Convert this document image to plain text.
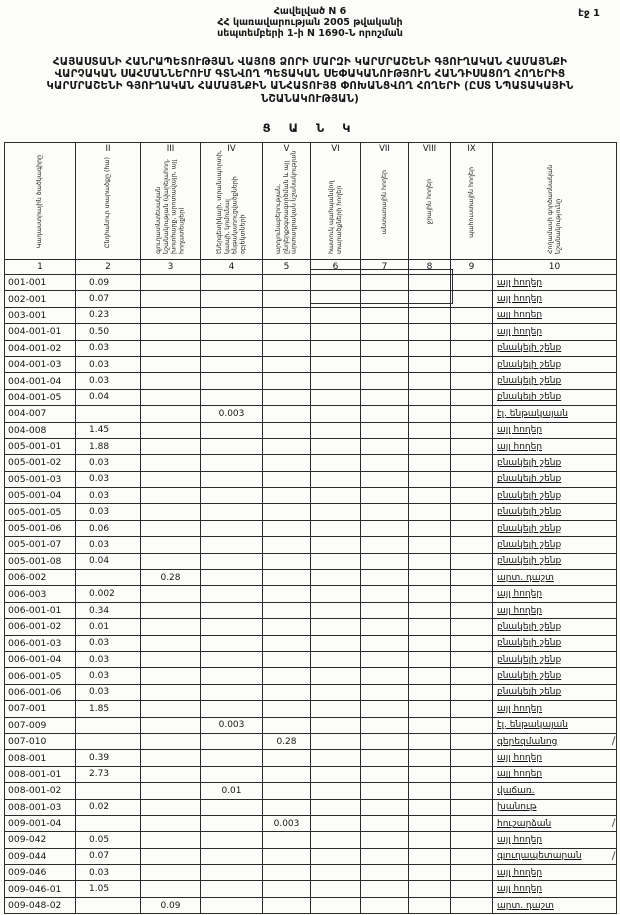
Հավելված N 6
ՀՀ կառավարության 2005 թվականի
սեպտեմբերի 1-ի N 1690-Ն որոշման
էջ 1
ՀԱՅԱՍՏԱՆԻ ՀԱՆՐԱՊԵՏՈՒԹՅԱՆ ՎԱՅՈՑ ՁՈՐԻ ՄԱՐԶԻ ԿԱՐՄՐԱՇԵՆԻ ԳՅՈՒՂԱԿԱՆ ՀԱՄԱՅՆՔԻ
ՎԱՐՉԱԿԱՆ ՍԱՀՄԱՆՆԵՐՈՒՄ ԳՏՆՎՈՂ ՊԵՏԱԿԱՆ ՍԵՓԱԿԱՆՈՒԹՅՈՒՆ ՀԱՆԴԻՍԱՑՈՂ ՀՈՂԵՐԻՑ
ԿԱՐՄՐԱՇԵՆԻ ԳՅՈՒՂԱԿԱՆ ՀԱՄԱՅՆՔԻՆ ԱՆՀԱՏՈՒՅՑ ՓՈԽԱՆՑՎՈՂ ՀՈՂԵՐԻ (ԸՍՏ ՆՊԱՏԱԿԱՅԻՆ
ՆՇԱՆԱԿՈՒԹՅԱՆ)
Ց Ա Ն Կ
Կադաստրային ծածկագիրը	
II
Ընդհանուր տարածքը (հա)	
III
գյուղատնտեսական նշանակության (վարելահող, խոտհարք, արոտավայր, այլ հողատեսքեր)	
IV
էներգետիկայի, տրանսպորտի, կապի, կոմունալ ենթակառուցվածքների օբյեկտների	
V
արդյունաբերության, ընդերքօգտագործման և այլ արտադրական նշանակության	
VI
հատուկ պահպանվող տարածքների հողեր	
VII
անտառային հողեր	
VIII
ջրային հողեր	
IX
պահուստային հողեր	Հողամասի գործառնական նշանակությունը
1	2	3	4	5	6	7	8	9	10
001-001	0.09								այլ հողեր
002-001	0.07								այլ հողեր
003-001	0.23								այլ հողեր
004-001-01	0.50								այլ հողեր
004-001-02	0.03								բնակելի շենք
004-001-03	0.03								բնակելի շենք
004-001-04	0.03								բնակելի շենք
004-001-05	0.04								բնակելի շենք
004-007			0.003						էլ. ենթակայան
004-008	1.45								այլ հողեր
005-001-01	1.88								այլ հողեր
005-001-02	0.03								բնակելի շենք
005-001-03	0.03								բնակելի շենք
005-001-04	0.03								բնակելի շենք
005-001-05	0.03								բնակելի շենք
005-001-06	0.06								բնակելի շենք
005-001-07	0.03								բնակելի շենք
005-001-08	0.04								բնակելի շենք
006-002		0.28							արտ. դաշտ
006-003	0.002								այլ հողեր
006-001-01	0.34								այլ հողեր
006-001-02	0.01								բնակելի շենք
006-001-03	0.03								բնակելի շենք
006-001-04	0.03								բնակելի շենք
006-001-05	0.03								բնակելի շենք
006-001-06	0.03								բնակելի շենք
007-001	1.85								այլ հողեր
007-009			0.003						էլ. ենթակայան
007-010				0.28					գերեզմանոց

008-001	0.39								այլ հողեր
008-001-01	2.73								այլ հողեր
008-001-02			0.01						վաճառ.
008-001-03	0.02								խանութ
009-001-04				0.003					հուշարձան

009-042	0.05								այլ հողեր
009-044	0.07								գյուղապետարան

009-046	0.03								այլ հողեր
009-046-01	1.05								այլ հողեր
009-048-02		0.09							արտ. դաշտ
